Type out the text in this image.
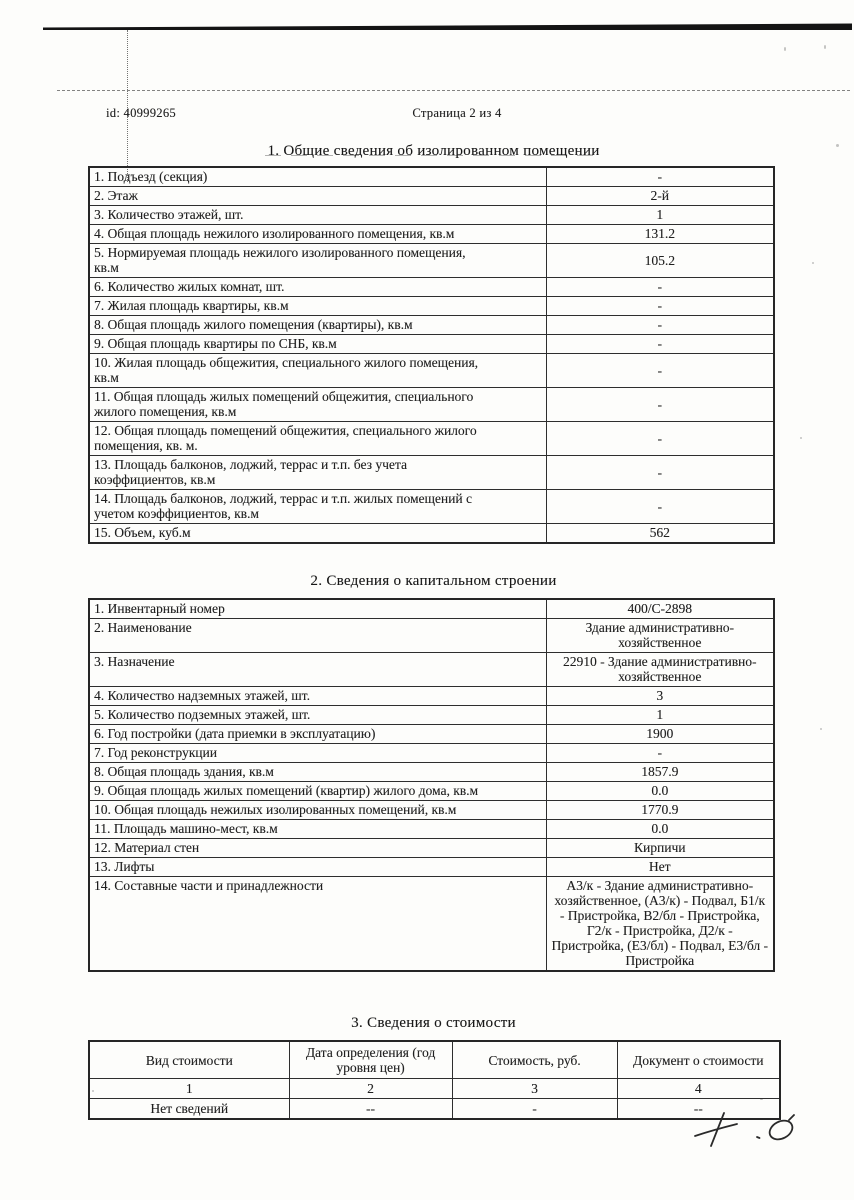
id: 40999265	Страница 2 из 4
1. Общие сведения об изолированном помещении
1. Подъезд (секция)	-
2. Этаж	2-й
3. Количество этажей, шт.	1
4. Общая площадь нежилого изолированного помещения, кв.м	131.2
5. Нормируемая площадь нежилого изолированного помещения, кв.м	105.2
6. Количество жилых комнат, шт.	-
7. Жилая площадь квартиры, кв.м	-
8. Общая площадь жилого помещения (квартиры), кв.м	-
9. Общая площадь квартиры по СНБ, кв.м	-
10. Жилая площадь общежития, специального жилого помещения, кв.м	-
11. Общая площадь жилых помещений общежития, специального жилого помещения, кв.м	-
12. Общая площадь помещений общежития, специального жилого помещения, кв. м.	-
13. Площадь балконов, лоджий, террас и т.п. без учета коэффициентов, кв.м	-
14. Площадь балконов, лоджий, террас и т.п. жилых помещений с учетом коэффициентов, кв.м	-
15. Объем, куб.м	562
2. Сведения о капитальном строении
1. Инвентарный номер	400/С-2898
2. Наименование	Здание административно-хозяйственное
3. Назначение	22910 - Здание административно-хозяйственное
4. Количество надземных этажей, шт.	3
5. Количество подземных этажей, шт.	1
6. Год постройки (дата приемки в эксплуатацию)	1900
7. Год реконструкции	-
8. Общая площадь здания, кв.м	1857.9
9. Общая площадь жилых помещений (квартир) жилого дома, кв.м	0.0
10. Общая площадь нежилых изолированных помещений, кв.м	1770.9
11. Площадь машино-мест, кв.м	0.0
12. Материал стен	Кирпичи
13. Лифты	Нет
14. Составные части и принадлежности	А3/к - Здание административно-хозяйственное, (А3/к) - Подвал, Б1/к - Пристройка, В2/бл - Пристройка, Г2/к - Пристройка, Д2/к - Пристройка, (Е3/бл) - Подвал, Е3/бл - Пристройка
3. Сведения о стоимости
Вид стоимости	Дата определения (год уровня цен)	Стоимость, руб.	Документ о стоимости
1	2	3	4
Нет сведений	--	-	--
